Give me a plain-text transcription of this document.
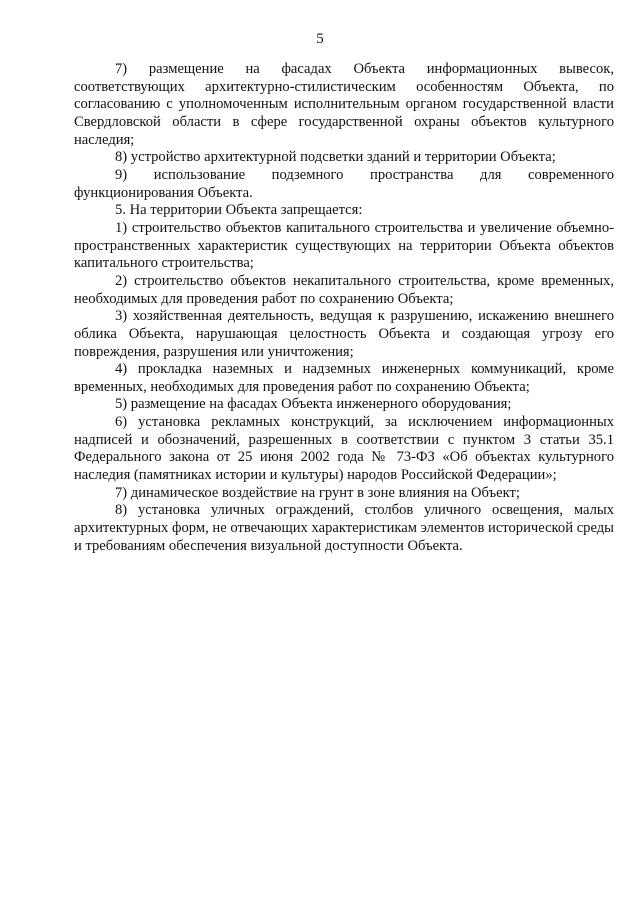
5

7) размещение на фасадах Объекта информационных вывесок, соответствующих архитектурно-стилистическим особенностям Объекта, по согласованию с уполномоченным исполнительным органом государственной власти Свердловской области в сфере государственной охраны объектов культурного наследия;

8) устройство архитектурной подсветки зданий и территории Объекта;

9) использование подземного пространства для современного функционирования Объекта.

5. На территории Объекта запрещается:

1) строительство объектов капитального строительства и увеличение объемно-пространственных характеристик существующих на территории Объекта объектов капитального строительства;

2) строительство объектов некапитального строительства, кроме временных, необходимых для проведения работ по сохранению Объекта;

3) хозяйственная деятельность, ведущая к разрушению, искажению внешнего облика Объекта, нарушающая целостность Объекта и создающая угрозу его повреждения, разрушения или уничтожения;

4) прокладка наземных и надземных инженерных коммуникаций, кроме временных, необходимых для проведения работ по сохранению Объекта;

5) размещение на фасадах Объекта инженерного оборудования;

6) установка рекламных конструкций, за исключением информационных надписей и обозначений, разрешенных в соответствии с пунктом 3 статьи 35.1 Федерального закона от 25 июня 2002 года № 73-ФЗ «Об объектах культурного наследия (памятниках истории и культуры) народов Российской Федерации»;

7) динамическое воздействие на грунт в зоне влияния на Объект;

8) установка уличных ограждений, столбов уличного освещения, малых архитектурных форм, не отвечающих характеристикам элементов исторической среды и требованиям обеспечения визуальной доступности Объекта.
